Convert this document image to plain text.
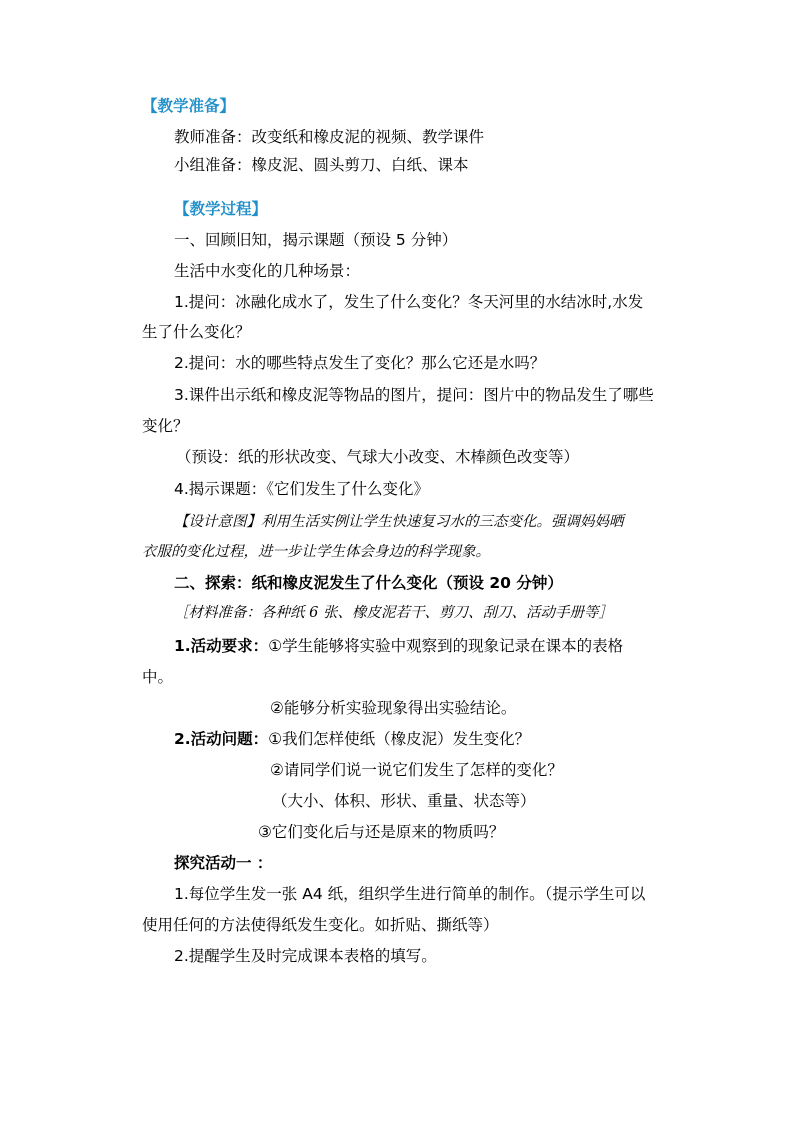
【教学准备】
教师准备：改变纸和橡皮泥的视频、教学课件
小组准备：橡皮泥、圆头剪刀、白纸、课本
【教学过程】
一、回顾旧知，揭示课题（预设 5 分钟）
生活中水变化的几种场景：
1.提问：冰融化成水了，发生了什么变化？冬天河里的水结冰时,水发
生了什么变化？
2.提问：水的哪些特点发生了变化？那么它还是水吗？
3.课件出示纸和橡皮泥等物品的图片，提问：图片中的物品发生了哪些
变化？
（预设：纸的形状改变、气球大小改变、木棒颜色改变等）
4.揭示课题：《它们发生了什么变化》
【设计意图】利用生活实例让学生快速复习水的三态变化。强调妈妈晒
衣服的变化过程，进一步让学生体会身边的科学现象。
二、探索：纸和橡皮泥发生了什么变化（预设 20 分钟）
［材料准备：各种纸 6 张、橡皮泥若干、剪刀、刮刀、活动手册等］
1.活动要求：①学生能够将实验中观察到的现象记录在课本的表格
中。
②能够分析实验现象得出实验结论。
2.活动问题：①我们怎样使纸（橡皮泥）发生变化？
②请同学们说一说它们发生了怎样的变化？
（大小、体积、形状、重量、状态等）
③它们变化后与还是原来的物质吗？
探究活动一 ：
1.每位学生发一张 A4 纸，组织学生进行简单的制作。（提示学生可以
使用任何的方法使得纸发生变化。如折贴、撕纸等）
2.提醒学生及时完成课本表格的填写。
